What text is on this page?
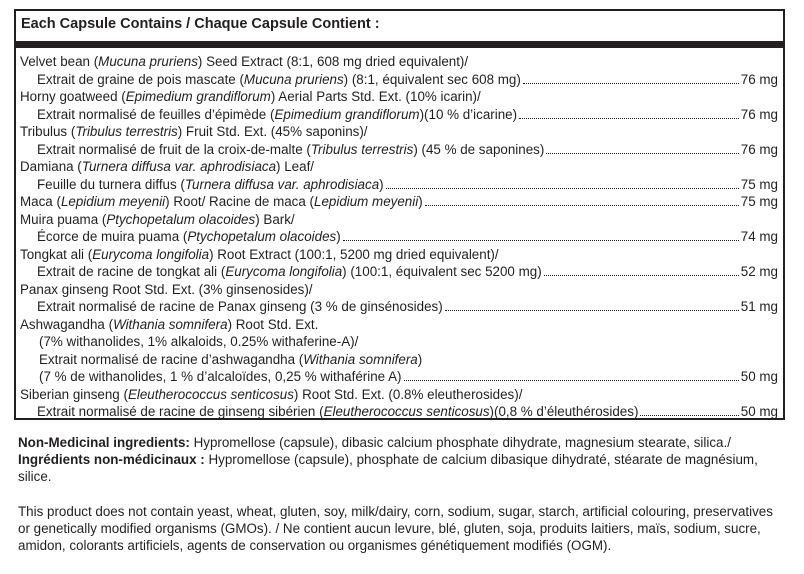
Each Capsule Contains / Chaque Capsule Contient :
Velvet bean (Mucuna pruriens) Seed Extract (8:1, 608 mg dried equivalent)/
Extrait de graine de pois mascate (Mucuna pruriens) (8:1, équivalent sec 608 mg)	76 mg
Horny goatweed (Epimedium grandiflorum) Aerial Parts Std. Ext. (10% icarin)/
Extrait normalisé de feuilles d’épimède (Epimedium grandiflorum)(10 % d’icarine)	76 mg
Tribulus (Tribulus terrestris) Fruit Std. Ext. (45% saponins)/
Extrait normalisé de fruit de la croix-de-malte (Tribulus terrestris) (45 % de saponines)	76 mg
Damiana (Turnera diffusa var. aphrodisiaca) Leaf/
Feuille du turnera diffus (Turnera diffusa var. aphrodisiaca)	75 mg
Maca (Lepidium meyenii) Root/ Racine de maca (Lepidium meyenii)	75 mg
Muira puama (Ptychopetalum olacoides) Bark/
Écorce de muira puama (Ptychopetalum olacoides)	74 mg
Tongkat ali (Eurycoma longifolia) Root Extract (100:1, 5200 mg dried equivalent)/
Extrait de racine de tongkat ali (Eurycoma longifolia) (100:1, équivalent sec 5200 mg)	52 mg
Panax ginseng Root Std. Ext. (3% ginsenosides)/
Extrait normalisé de racine de Panax ginseng (3 % de ginsénosides)	51 mg
Ashwagandha (Withania somnifera) Root Std. Ext.
(7% withanolides, 1% alkaloids, 0.25% withaferine-A)/
Extrait normalisé de racine d’ashwagandha (Withania somnifera)
(7 % de withanolides, 1 % d’alcaloïdes, 0,25 % withaférine A)	50 mg
Siberian ginseng (Eleutherococcus senticosus) Root Std. Ext. (0.8% eleutherosides)/
Extrait normalisé de racine de ginseng sibérien (Eleutherococcus senticosus)(0,8 % d’éleuthérosides)	50 mg
Non-Medicinal ingredients: Hypromellose (capsule), dibasic calcium phosphate dihydrate, magnesium stearate, silica./ Ingrédients non-médicinaux : Hypromellose (capsule), phosphate de calcium dibasique dihydraté, stéarate de magnésium, silice.
This product does not contain yeast, wheat, gluten, soy, milk/dairy, corn, sodium, sugar, starch, artificial colouring, preservatives or genetically modified organisms (GMOs). / Ne contient aucun levure, blé, gluten, soja, produits laitiers, maïs, sodium, sucre, amidon, colorants artificiels, agents de conservation ou organismes génétiquement modifiés (OGM).
